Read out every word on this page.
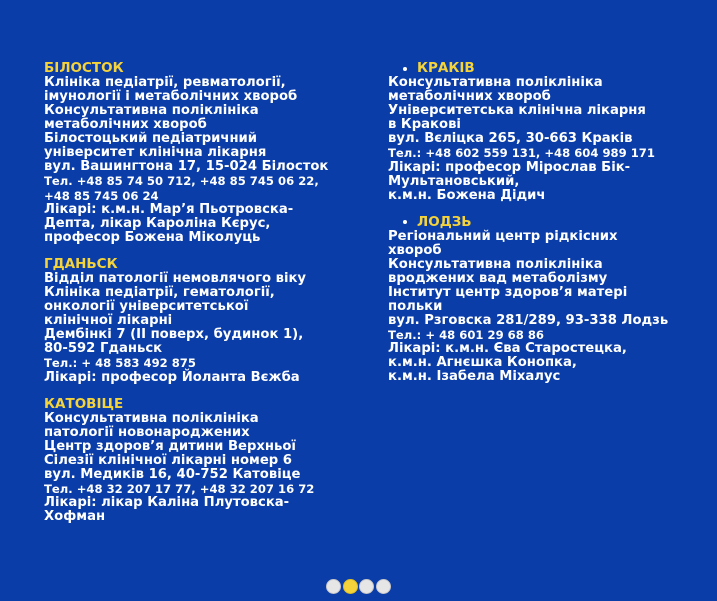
БІЛОСТОК
Клініка педіатрії, ревматології,
імунології і метаболічних хвороб
Консультативна поліклініка
метаболічних хвороб
Білостоцький педіатричний
університет клінічна лікарня
вул. Вашингтона 17, 15-024 Білосток
Тел. +48 85 74 50 712, +48 85 745 06 22,
+48 85 745 06 24
Лікарі: к.м.н. Мар’я Пьотровска-
Депта, лікар Каролiна Кєрус,
професор Божена Міколуць
ГДАНЬСК
Відділ патології немовлячого віку
Клініка педіатрії, гематології,
онкології університетської
клінічної лікарні
Дембінкі 7 (ІІ поверх, будинок 1),
80-592 Гданьск
Тел.: + 48 583 492 875
Лікарі: професор Йоланта Вєжба
КАТОВІЦЕ
Консультативна поліклініка
патології новонароджених
Центр здоров’я дитини Верхньої
Сілезії клінічної лікарні номер 6
вул. Медиків 16, 40-752 Катовіце
Тел. +48 32 207 17 77, +48 32 207 16 72
Лікарі: лікар Каліна Плутовска-
Хофман
КРАКІВ
Консультативна поліклініка
метаболічних хвороб
Університетська клінічна лікарня
в Кракові
вул. Вєліцка 265, 30-663 Краків
Тел.: +48 602 559 131, +48 604 989 171
Лікарі: професор Мірослав Бік-
Мультановський,
к.м.н. Божена Дідич
ЛОДЗЬ
Регіональний центр рідкісних
хвороб
Консультативна поліклініка
вроджених вад метаболізму
Інститут центр здоров’я матері
польки
вул. Рзговска 281/289, 93-338 Лодзь
Тел.: + 48 601 29 68 86
Лікарі: к.м.н. Єва Старостецка,
к.м.н. Агнєшка Конопка,
к.м.н. Ізабела Міхалус
